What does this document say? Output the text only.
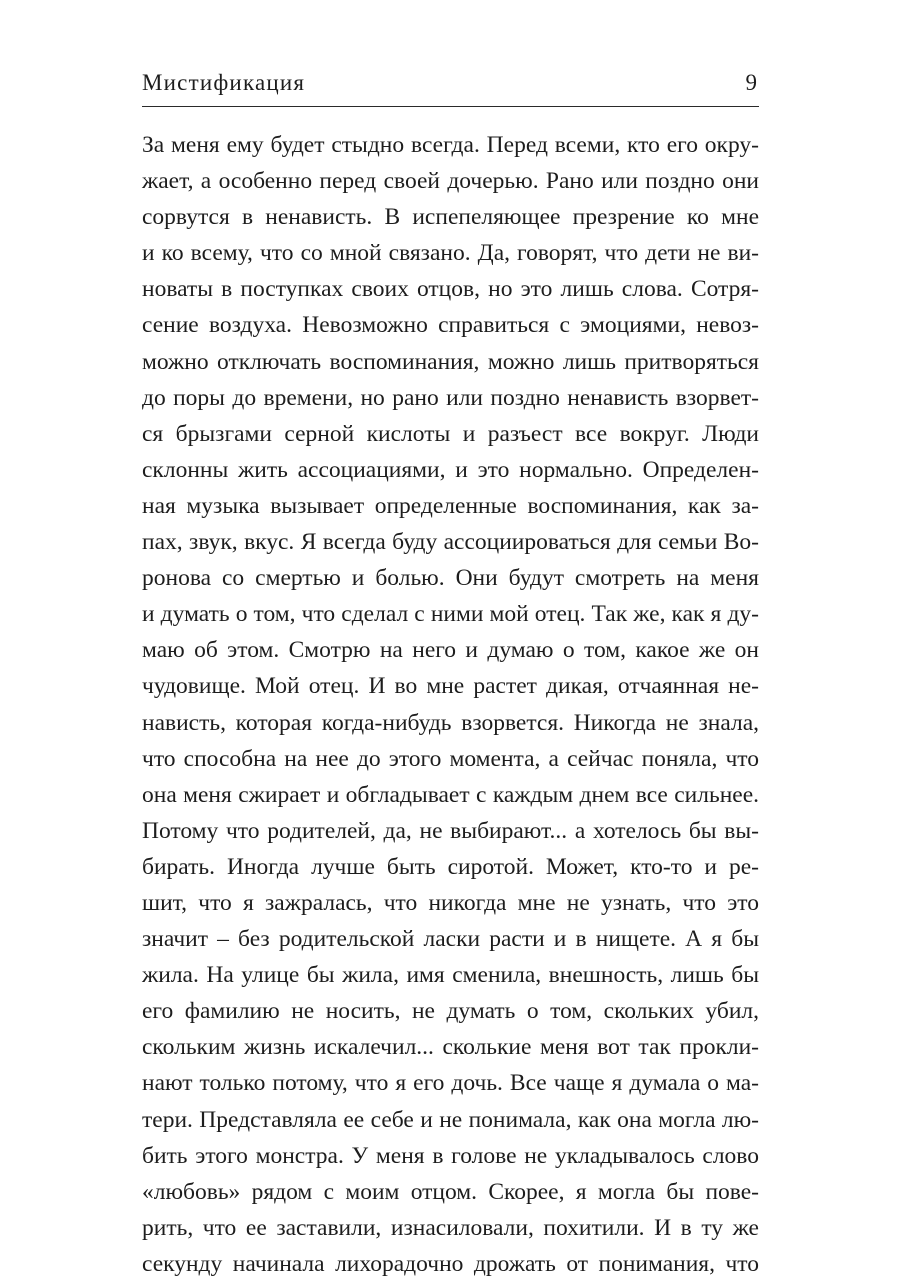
Мистификация	9
За меня ему будет стыдно всегда. Перед всеми, кто его окру-
жает, а особенно перед своей дочерью. Рано или поздно они
сорвутся в ненависть. В испепеляющее презрение ко мне
и ко всему, что со мной связано. Да, говорят, что дети не ви-
новаты в поступках своих отцов, но это лишь слова. Сотря-
сение воздуха. Невозможно справиться с эмоциями, невоз-
можно отключать воспоминания, можно лишь притворяться
до поры до времени, но рано или поздно ненависть взорвет-
ся брызгами серной кислоты и разъест все вокруг. Люди
склонны жить ассоциациями, и это нормально. Определен-
ная музыка вызывает определенные воспоминания, как за-
пах, звук, вкус. Я всегда буду ассоциироваться для семьи Во-
ронова со смертью и болью. Они будут смотреть на меня
и думать о том, что сделал с ними мой отец. Так же, как я ду-
маю об этом. Смотрю на него и думаю о том, какое же он
чудовище. Мой отец. И во мне растет дикая, отчаянная не-
нависть, которая когда-нибудь взорвется. Никогда не знала,
что способна на нее до этого момента, а сейчас поняла, что
она меня сжирает и обгладывает с каждым днем все сильнее.
Потому что родителей, да, не выбирают... а хотелось бы вы-
бирать. Иногда лучше быть сиротой. Может, кто-то и ре-
шит, что я зажралась, что никогда мне не узнать, что это
значит – без родительской ласки расти и в нищете. А я бы
жила. На улице бы жила, имя сменила, внешность, лишь бы
его фамилию не носить, не думать о том, скольких убил,
скольким жизнь искалечил... сколькие меня вот так прокли-
нают только потому, что я его дочь. Все чаще я думала о ма-
тери. Представляла ее себе и не понимала, как она могла лю-
бить этого монстра. У меня в голове не укладывалось слово
«любовь» рядом с моим отцом. Скорее, я могла бы пове-
рить, что ее заставили, изнасиловали, похитили. И в ту же
секунду начинала лихорадочно дрожать от понимания, что
